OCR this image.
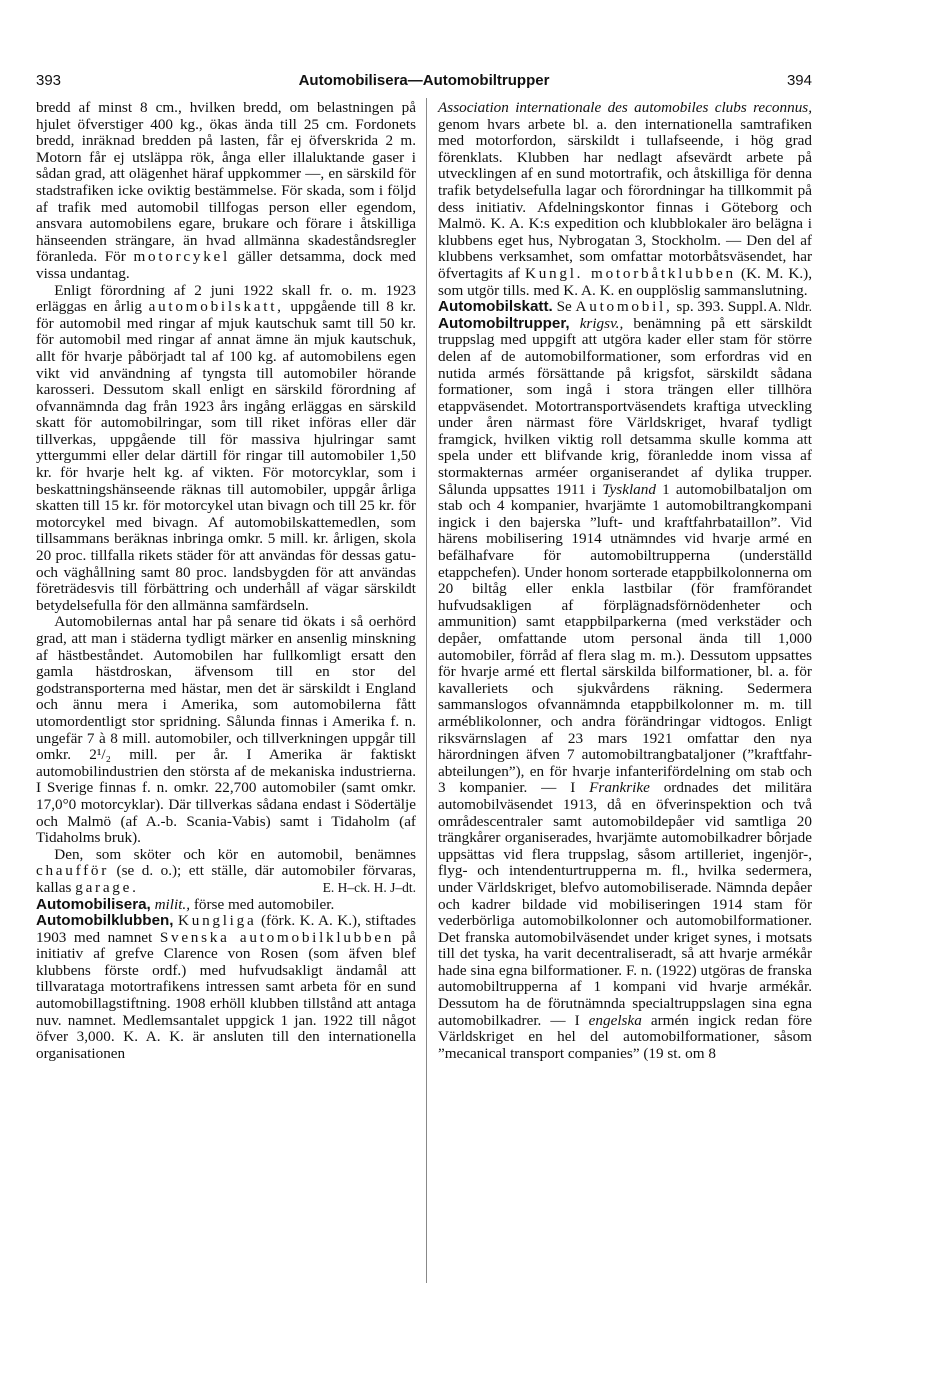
393	Automobilisera—Automobiltrupper	394

bredd af minst 8 cm., hvilken bredd, om belastningen på hjulet öfverstiger 400 kg., ökas ända till 25 cm. Fordonets bredd, inräknad bredden på lasten, får ej öfverskrida 2 m. Motorn får ej utsläppa rök, ånga eller illaluktande gaser i sådan grad, att olägenhet häraf uppkommer —, en särskild för stadstrafiken icke oviktig bestämmelse. För skada, som i följd af trafik med automobil tillfogas person eller egendom, ansvara automobilens egare, brukare och förare i åtskilliga hänseenden strängare, än hvad allmänna skadeståndsregler föranleda. För motorcykel gäller detsamma, dock med vissa undantag.

Enligt förordning af 2 juni 1922 skall fr. o. m. 1923 erläggas en årlig automobilskatt, uppgående till 8 kr. för automobil med ringar af mjuk kautschuk samt till 50 kr. för automobil med ringar af annat ämne än mjuk kautschuk, allt för hvarje påbörjadt tal af 100 kg. af automobilens egen vikt vid användning af tyngsta till automobiler hörande karosseri. Dessutom skall enligt en särskild förordning af ofvannämnda dag från 1923 års ingång erläggas en särskild skatt för automobilringar, som till riket införas eller där tillverkas, uppgående till för massiva hjulringar samt yttergummi eller delar därtill för ringar till automobiler 1,50 kr. för hvarje helt kg. af vikten. För motorcyklar, som i beskattningshänseende räknas till automobiler, uppgår årliga skatten till 15 kr. för motorcykel utan bivagn och till 25 kr. för motorcykel med bivagn. Af automobilskattemedlen, som tillsammans beräknas inbringa omkr. 5 mill. kr. årligen, skola 20 proc. tillfalla rikets städer för att användas för dessas gatu- och väghållning samt 80 proc. landsbygden för att användas företrädesvis till förbättring och underhåll af vägar särskildt betydelsefulla för den allmänna samfärdseln.

Automobilernas antal har på senare tid ökats i så oerhörd grad, att man i städerna tydligt märker en ansenlig minskning af hästbeståndet. Automobilen har fullkomligt ersatt den gamla hästdroskan, äfvensom till en stor del godstransporterna med hästar, men det är särskildt i England och ännu mera i Amerika, som automobilerna fått utomordentligt stor spridning. Sålunda finnas i Amerika f. n. ungefär 7 à 8 mill. automobiler, och tillverkningen uppgår till omkr. 2¹/₂ mill. per år. I Amerika är faktiskt automobilindustrien den största af de mekaniska industrierna. I Sverige finnas f. n. omkr. 22,700 automobiler (samt omkr. 17,0°0 motorcyklar). Där tillverkas sådana endast i Södertälje och Malmö (af A.-b. Scania-Vabis) samt i Tidaholm (af Tidaholms bruk).

Den, som sköter och kör en automobil, benämnes chaufför (se d. o.); ett ställe, där automobiler förvaras, kallas garage.	E. H–ck. H. J–dt.

Automobilisera, milit., förse med automobiler.

Automobilklubben, Kungliga (förk. K. A. K.), stiftades 1903 med namnet Svenska automobilklubben på initiativ af grefve Clarence von Rosen (som äfven blef klubbens förste ordf.) med hufvudsakligt ändamål att tillvarataga motortrafikens intressen samt arbeta för en sund automobillagstiftning. 1908 erhöll klubben tillstånd att antaga nuv. namnet. Medlemsantalet uppgick 1 jan. 1922 till något öfver 3,000. K. A. K. är ansluten till den internationella organisationen

Association internationale des automobiles clubs reconnus, genom hvars arbete bl. a. den internationella samtrafiken med motorfordon, särskildt i tullafseende, i hög grad förenklats. Klubben har nedlagt afsevärdt arbete på utvecklingen af en sund motortrafik, och åtskilliga för denna trafik betydelsefulla lagar och förordningar ha tillkommit på dess initiativ. Afdelningskontor finnas i Göteborg och Malmö. K. A. K:s expedition och klubblokaler äro belägna i klubbens eget hus, Nybrogatan 3, Stockholm. — Den del af klubbens verksamhet, som omfattar motorbåtsväsendet, har öfvertagits af Kungl. motorbåtklubben (K. M. K.), som utgör tills. med K. A. K. en oupplöslig sammanslutning.
A. Nldr.

Automobilskatt. Se Automobil, sp. 393. Suppl.

Automobiltrupper, krigsv., benämning på ett särskildt truppslag med uppgift att utgöra kader eller stam för större delen af de automobilformationer, som erfordras vid en nutida armés försättande på krigsfot, särskildt sådana formationer, som ingå i stora trängen eller tillhöra etappväsendet. Motortransportväsendets kraftiga utveckling under åren närmast före Världskriget, hvaraf tydligt framgick, hvilken viktig roll detsamma skulle komma att spela under ett blifvande krig, föranledde inom vissa af stormakternas arméer organiserandet af dylika trupper. Sålunda uppsattes 1911 i Tyskland 1 automobilbataljon om stab och 4 kompanier, hvarjämte 1 automobiltrangkompani ingick i den bajerska ”luft- und kraftfahrbataillon”. Vid härens mobilisering 1914 utnämndes vid hvarje armé en befälhafvare för automobiltrupperna (underställd etappchefen). Under honom sorterade etappbilkolonnerna om 20 biltåg eller enkla lastbilar (för framförandet hufvudsakligen af förplägnadsförnödenheter och ammunition) samt etappbilparkerna (med verkstäder och depåer, omfattande utom personal ända till 1,000 automobiler, förråd af flera slag m. m.). Dessutom uppsattes för hvarje armé ett flertal särskilda bilformationer, bl. a. för kavalleriets och sjukvårdens räkning. Sedermera sammanslogos ofvannämnda etappbilkolonner m. m. till arméblikolonner, och andra förändringar vidtogos. Enligt riksvärnslagen af 23 mars 1921 omfattar den nya härordningen äfven 7 automobiltrangbataljoner (”kraftfahr-abteilungen”), en för hvarje infanterifördelning om stab och 3 kompanier. — I Frankrike ordnades det militära automobilväsendet 1913, då en öfverinspektion och två områdescentraler samt automobildepåer vid samtliga 20 trängkårer organiserades, hvarjämte automobilkadrer bôrjade uppsättas vid flera truppslag, såsom artilleriet, ingenjör-, flyg- och intendenturtrupperna m. fl., hvilka sedermera, under Världskriget, blefvo automobiliserade. Nämnda depåer och kadrer bildade vid mobiliseringen 1914 stam för vederbörliga automobilkolonner och automobilformationer. Det franska automobilväsendet under kriget synes, i motsats till det tyska, ha varit decentraliseradt, så att hvarje armékår hade sina egna bilformationer. F. n. (1922) utgöras de franska automobiltrupperna af 1 kompani vid hvarje armékår. Dessutom ha de förutnämnda specialtruppslagen sina egna automobilkadrer. — I engelska armén ingick redan före Världskriget en hel del automobilformationer, såsom ”mecanical transport companies” (19 st. om 8
